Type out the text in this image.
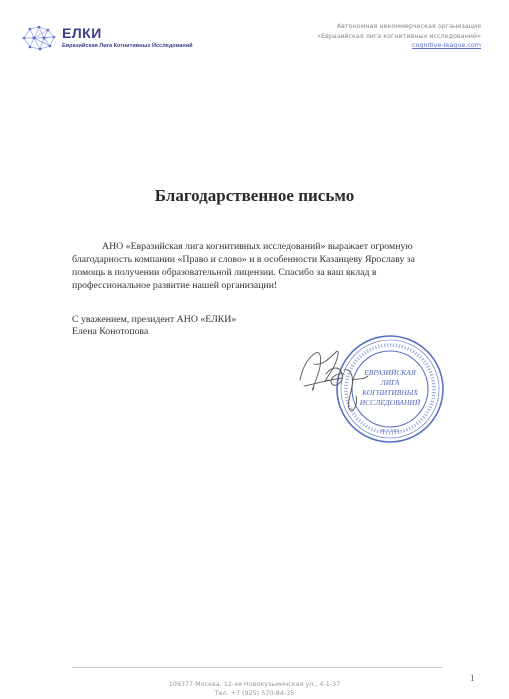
ЕЛКИ
Евразийская Лига Когнитивных Исследований
Автономная некоммерческая организация
«Евразийская лига когнитивных исследований»
cognitive-league.com
Благодарственное письмо
АНО «Евразийская лига когнитивных исследований» выражает огромную благодарность компании «Право и слово» и в особенности Казанцеву Ярославу за помощь в получении образовательной лицензии. Спасибо за ваш вклад в профессиональное развитие нашей организации!
С уважением, президент АНО «ЕЛКИ»
Елена Конотопова
ЕВРАЗИЙСКАЯ
ЛИГА
КОГНИТИВНЫХ
ИССЛЕДОВАНИЙ
МОСКВА
1
109377 Москва, 12-ая Новокузьминская ул., 4-1-37
Тел. +7 (925) 570-84-35
